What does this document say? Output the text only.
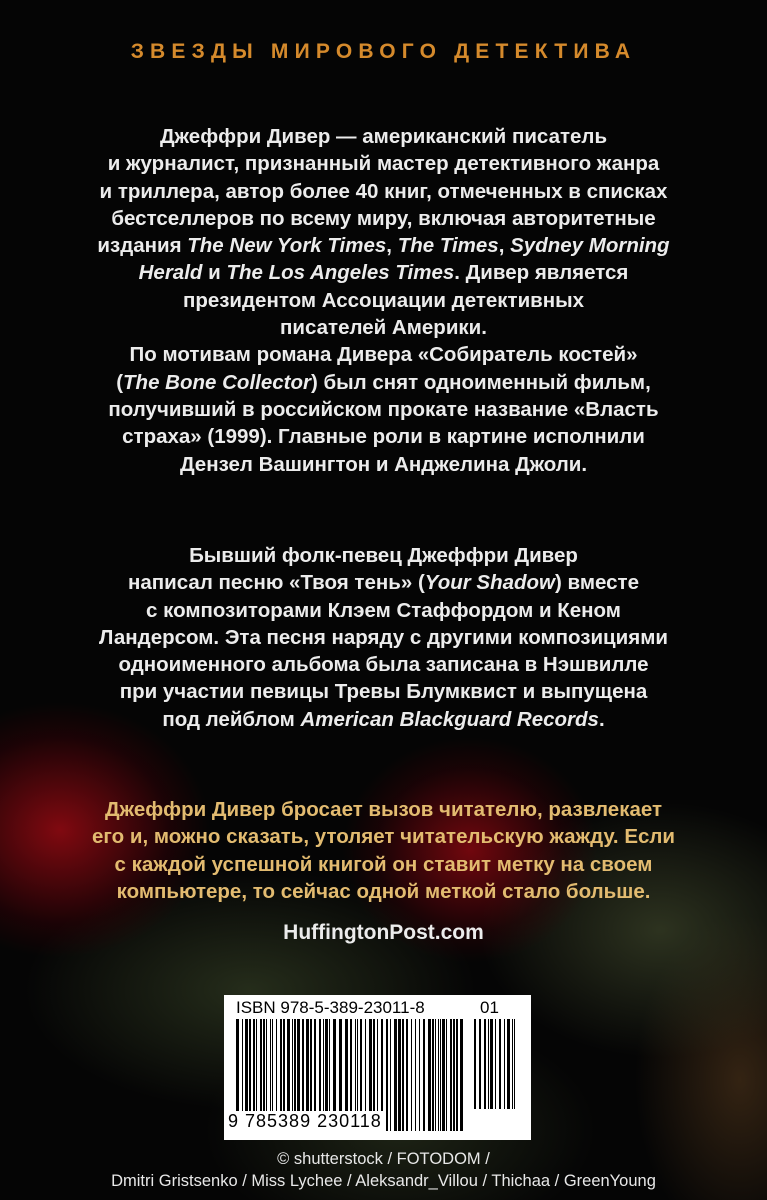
ЗВЕЗДЫ МИРОВОГО ДЕТЕКТИВА

Джеффри Дивер — американский писатель
и журналист, признанный мастер детективного жанра
и триллера, автор более 40 книг, отмеченных в списках
бестселлеров по всему миру, включая авторитетные
издания The New York Times, The Times, Sydney Morning
Herald и The Los Angeles Times. Дивер является
президентом Ассоциации детективных
писателей Америки.
По мотивам романа Дивера «Собиратель костей»
(The Bone Collector) был снят одноименный фильм,
получивший в российском прокате название «Власть
страха» (1999). Главные роли в картине исполнили
Дензел Вашингтон и Анджелина Джоли.

Бывший фолк-певец Джеффри Дивер
написал песню «Твоя тень» (Your Shadow) вместе
с композиторами Клэем Стаффордом и Кеном
Ландерсом. Эта песня наряду с другими композициями
одноименного альбома была записана в Нэшвилле
при участии певицы Тревы Блумквист и выпущена
под лейблом American Blackguard Records.

Джеффри Дивер бросает вызов читателю, развлекает
его и, можно сказать, утоляет читательскую жажду. Если
с каждой успешной книгой он ставит метку на своем
компьютере, то сейчас одной меткой стало больше.

HuffingtonPost.com

ISBN 978-5-389-23011-8	01
9 785389 230118

© shutterstock / FOTODOM /

Dmitri Gristsenko / Miss Lychee / Aleksandr_Villou / Thichaa / GreenYoung
